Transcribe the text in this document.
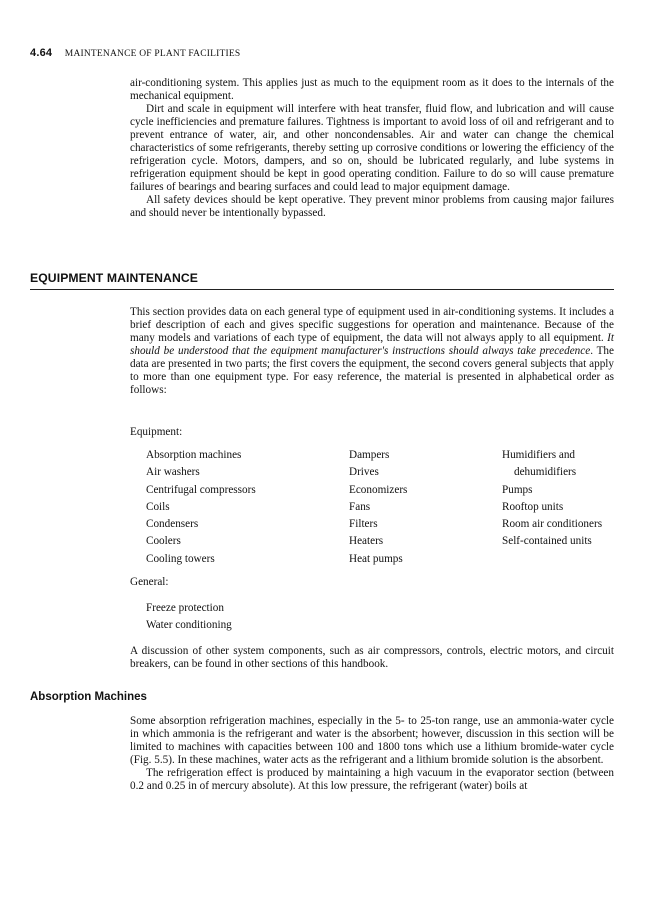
4.64 MAINTENANCE OF PLANT FACILITIES

air-conditioning system. This applies just as much to the equipment room as it does to the internals of the mechanical equipment.

Dirt and scale in equipment will interfere with heat transfer, fluid flow, and lubrication and will cause cycle inefficiencies and premature failures. Tightness is important to avoid loss of oil and refrigerant and to prevent entrance of water, air, and other noncondensables. Air and water can change the chemical characteristics of some refrigerants, thereby setting up corrosive conditions or lowering the efficiency of the refrigeration cycle. Motors, dampers, and so on, should be lubricated regularly, and lube systems in refrigeration equipment should be kept in good operating condition. Failure to do so will cause premature failures of bearings and bearing surfaces and could lead to major equipment damage.

All safety devices should be kept operative. They prevent minor problems from causing major failures and should never be intentionally bypassed.

EQUIPMENT MAINTENANCE

This section provides data on each general type of equipment used in air-conditioning systems. It includes a brief description of each and gives specific suggestions for operation and maintenance. Because of the many models and variations of each type of equipment, the data will not always apply to all equipment. It should be understood that the equipment manufacturer's instructions should always take precedence. The data are presented in two parts; the first covers the equipment, the second covers general subjects that apply to more than one equipment type. For easy reference, the material is presented in alphabetical order as follows:

Equipment:
Absorption machines
Air washers
Centrifugal compressors
Coils
Condensers
Coolers
Cooling towers
Dampers
Drives
Economizers
Fans
Filters
Heaters
Heat pumps
Humidifiers and
dehumidifiers
Pumps
Rooftop units
Room air conditioners
Self-contained units
General:
Freeze protection
Water conditioning

A discussion of other system components, such as air compressors, controls, electric motors, and circuit breakers, can be found in other sections of this handbook.

Absorption Machines

Some absorption refrigeration machines, especially in the 5- to 25-ton range, use an ammonia-water cycle in which ammonia is the refrigerant and water is the absorbent; however, discussion in this section will be limited to machines with capacities between 100 and 1800 tons which use a lithium bromide-water cycle (Fig. 5.5). In these machines, water acts as the refrigerant and a lithium bromide solution is the absorbent.

The refrigeration effect is produced by maintaining a high vacuum in the evaporator section (between 0.2 and 0.25 in of mercury absolute). At this low pressure, the refrigerant (water) boils at
